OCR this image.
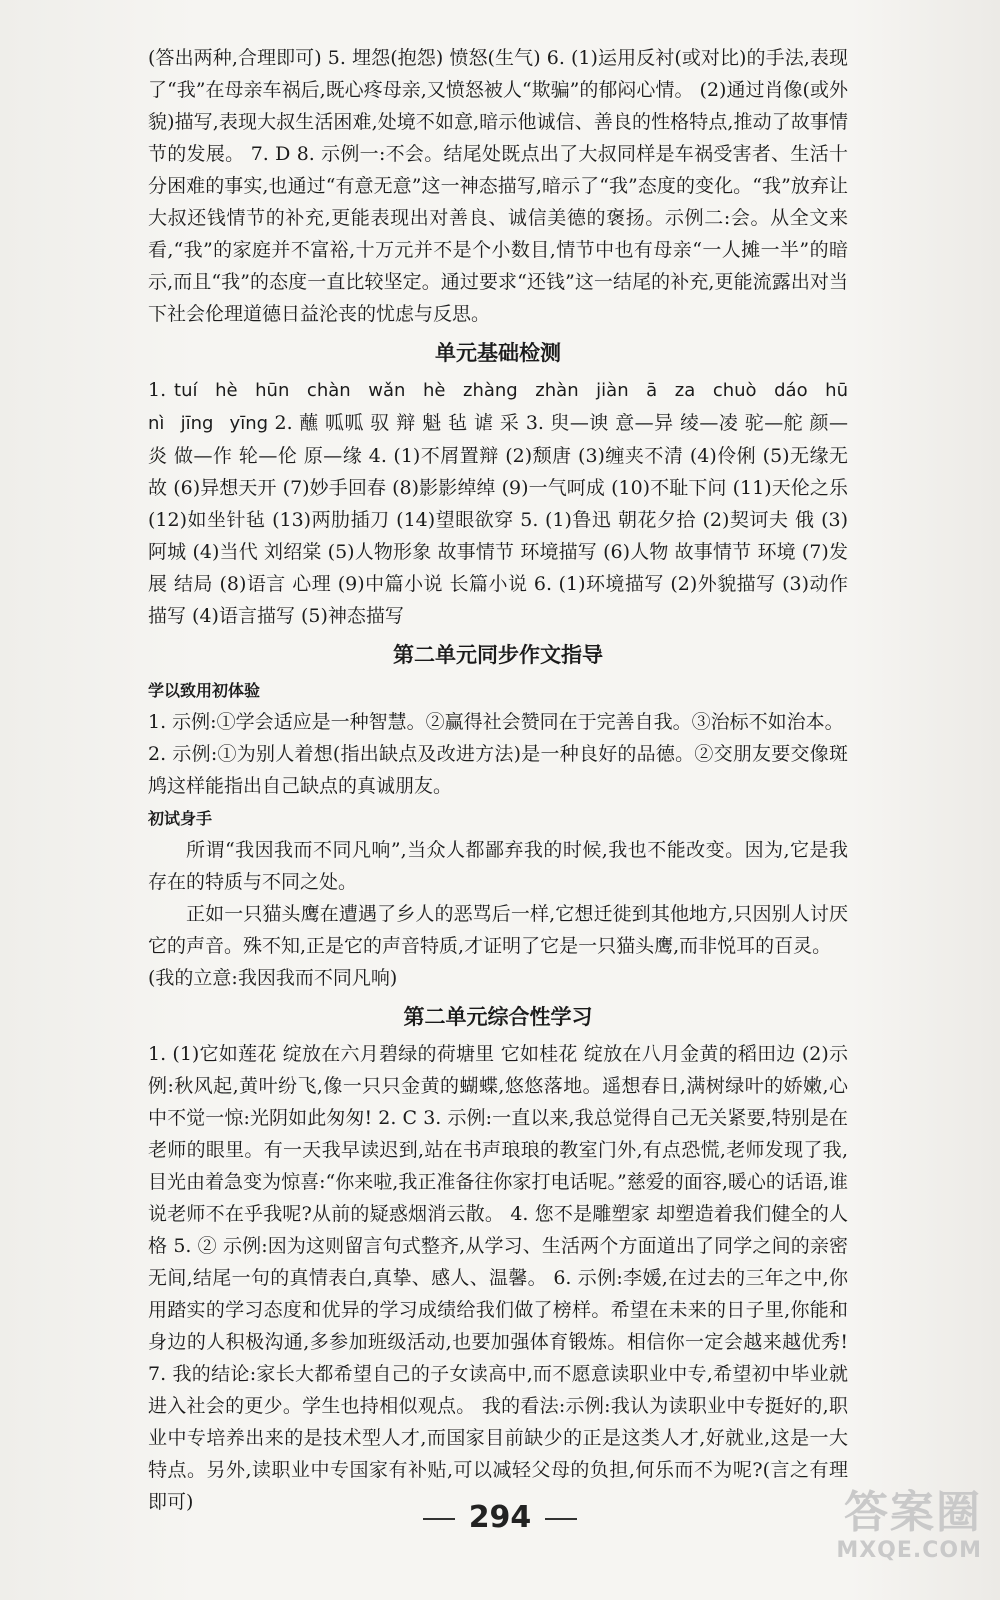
(答出两种,合理即可) 5. 埋怨(抱怨) 愤怒(生气) 6. (1)运用反衬(或对比)的手法,表现了“我”在母亲车祸后,既心疼母亲,又愤怒被人“欺骗”的郁闷心情。 (2)通过肖像(或外貌)描写,表现大叔生活困难,处境不如意,暗示他诚信、善良的性格特点,推动了故事情节的发展。 7. D 8. 示例一:不会。结尾处既点出了大叔同样是车祸受害者、生活十分困难的事实,也通过“有意无意”这一神态描写,暗示了“我”态度的变化。“我”放弃让大叔还钱情节的补充,更能表现出对善良、诚信美德的褒扬。示例二:会。从全文来看,“我”的家庭并不富裕,十万元并不是个小数目,情节中也有母亲“一人摊一半”的暗示,而且“我”的态度一直比较坚定。通过要求“还钱”这一结尾的补充,更能流露出对当下社会伦理道德日益沦丧的忧虑与反思。

单元基础检测

1. tuí hè hūn chàn wǎn hè zhàng zhàn jiàn ā za chuò dáo hū nì jīng yīng 2. 蘸 呱呱 驭 辩 魁 毡 谑 采 3. 臾—谀 意—异 绫—凌 驼—舵 颜—炎 做—作 轮—伦 原—缘 4. (1)不屑置辩 (2)颓唐 (3)缠夹不清 (4)伶俐 (5)无缘无故 (6)异想天开 (7)妙手回春 (8)影影绰绰 (9)一气呵成 (10)不耻下问 (11)天伦之乐 (12)如坐针毡 (13)两肋插刀 (14)望眼欲穿 5. (1)鲁迅 朝花夕拾 (2)契诃夫 俄 (3)阿城 (4)当代 刘绍棠 (5)人物形象 故事情节 环境描写 (6)人物 故事情节 环境 (7)发展 结局 (8)语言 心理 (9)中篇小说 长篇小说 6. (1)环境描写 (2)外貌描写 (3)动作描写 (4)语言描写 (5)神态描写

第二单元同步作文指导
学以致用初体验

1. 示例:①学会适应是一种智慧。②赢得社会赞同在于完善自我。③治标不如治本。

2. 示例:①为别人着想(指出缺点及改进方法)是一种良好的品德。②交朋友要交像斑鸠这样能指出自己缺点的真诚朋友。

初试身手

所谓“我因我而不同凡响”,当众人都鄙弃我的时候,我也不能改变。因为,它是我存在的特质与不同之处。

正如一只猫头鹰在遭遇了乡人的恶骂后一样,它想迁徙到其他地方,只因别人讨厌它的声音。殊不知,正是它的声音特质,才证明了它是一只猫头鹰,而非悦耳的百灵。

(我的立意:我因我而不同凡响)

第二单元综合性学习

1. (1)它如莲花 绽放在六月碧绿的荷塘里 它如桂花 绽放在八月金黄的稻田边 (2)示例:秋风起,黄叶纷飞,像一只只金黄的蝴蝶,悠悠落地。遥想春日,满树绿叶的娇嫩,心中不觉一惊:光阴如此匆匆! 2. C 3. 示例:一直以来,我总觉得自己无关紧要,特别是在老师的眼里。有一天我早读迟到,站在书声琅琅的教室门外,有点恐慌,老师发现了我,目光由着急变为惊喜:“你来啦,我正准备往你家打电话呢。”慈爱的面容,暖心的话语,谁说老师不在乎我呢?从前的疑惑烟消云散。 4. 您不是雕塑家 却塑造着我们健全的人格 5. ② 示例:因为这则留言句式整齐,从学习、生活两个方面道出了同学之间的亲密无间,结尾一句的真情表白,真挚、感人、温馨。 6. 示例:李媛,在过去的三年之中,你用踏实的学习态度和优异的学习成绩给我们做了榜样。希望在未来的日子里,你能和身边的人积极沟通,多参加班级活动,也要加强体育锻炼。相信你一定会越来越优秀! 7. 我的结论:家长大都希望自己的子女读高中,而不愿意读职业中专,希望初中毕业就进入社会的更少。学生也持相似观点。 我的看法:示例:我认为读职业中专挺好的,职业中专培养出来的是技术型人才,而国家目前缺少的正是这类人才,好就业,这是一大特点。另外,读职业中专国家有补贴,可以减轻父母的负担,何乐而不为呢?(言之有理即可)	294	答案圈
MXQE.COM
